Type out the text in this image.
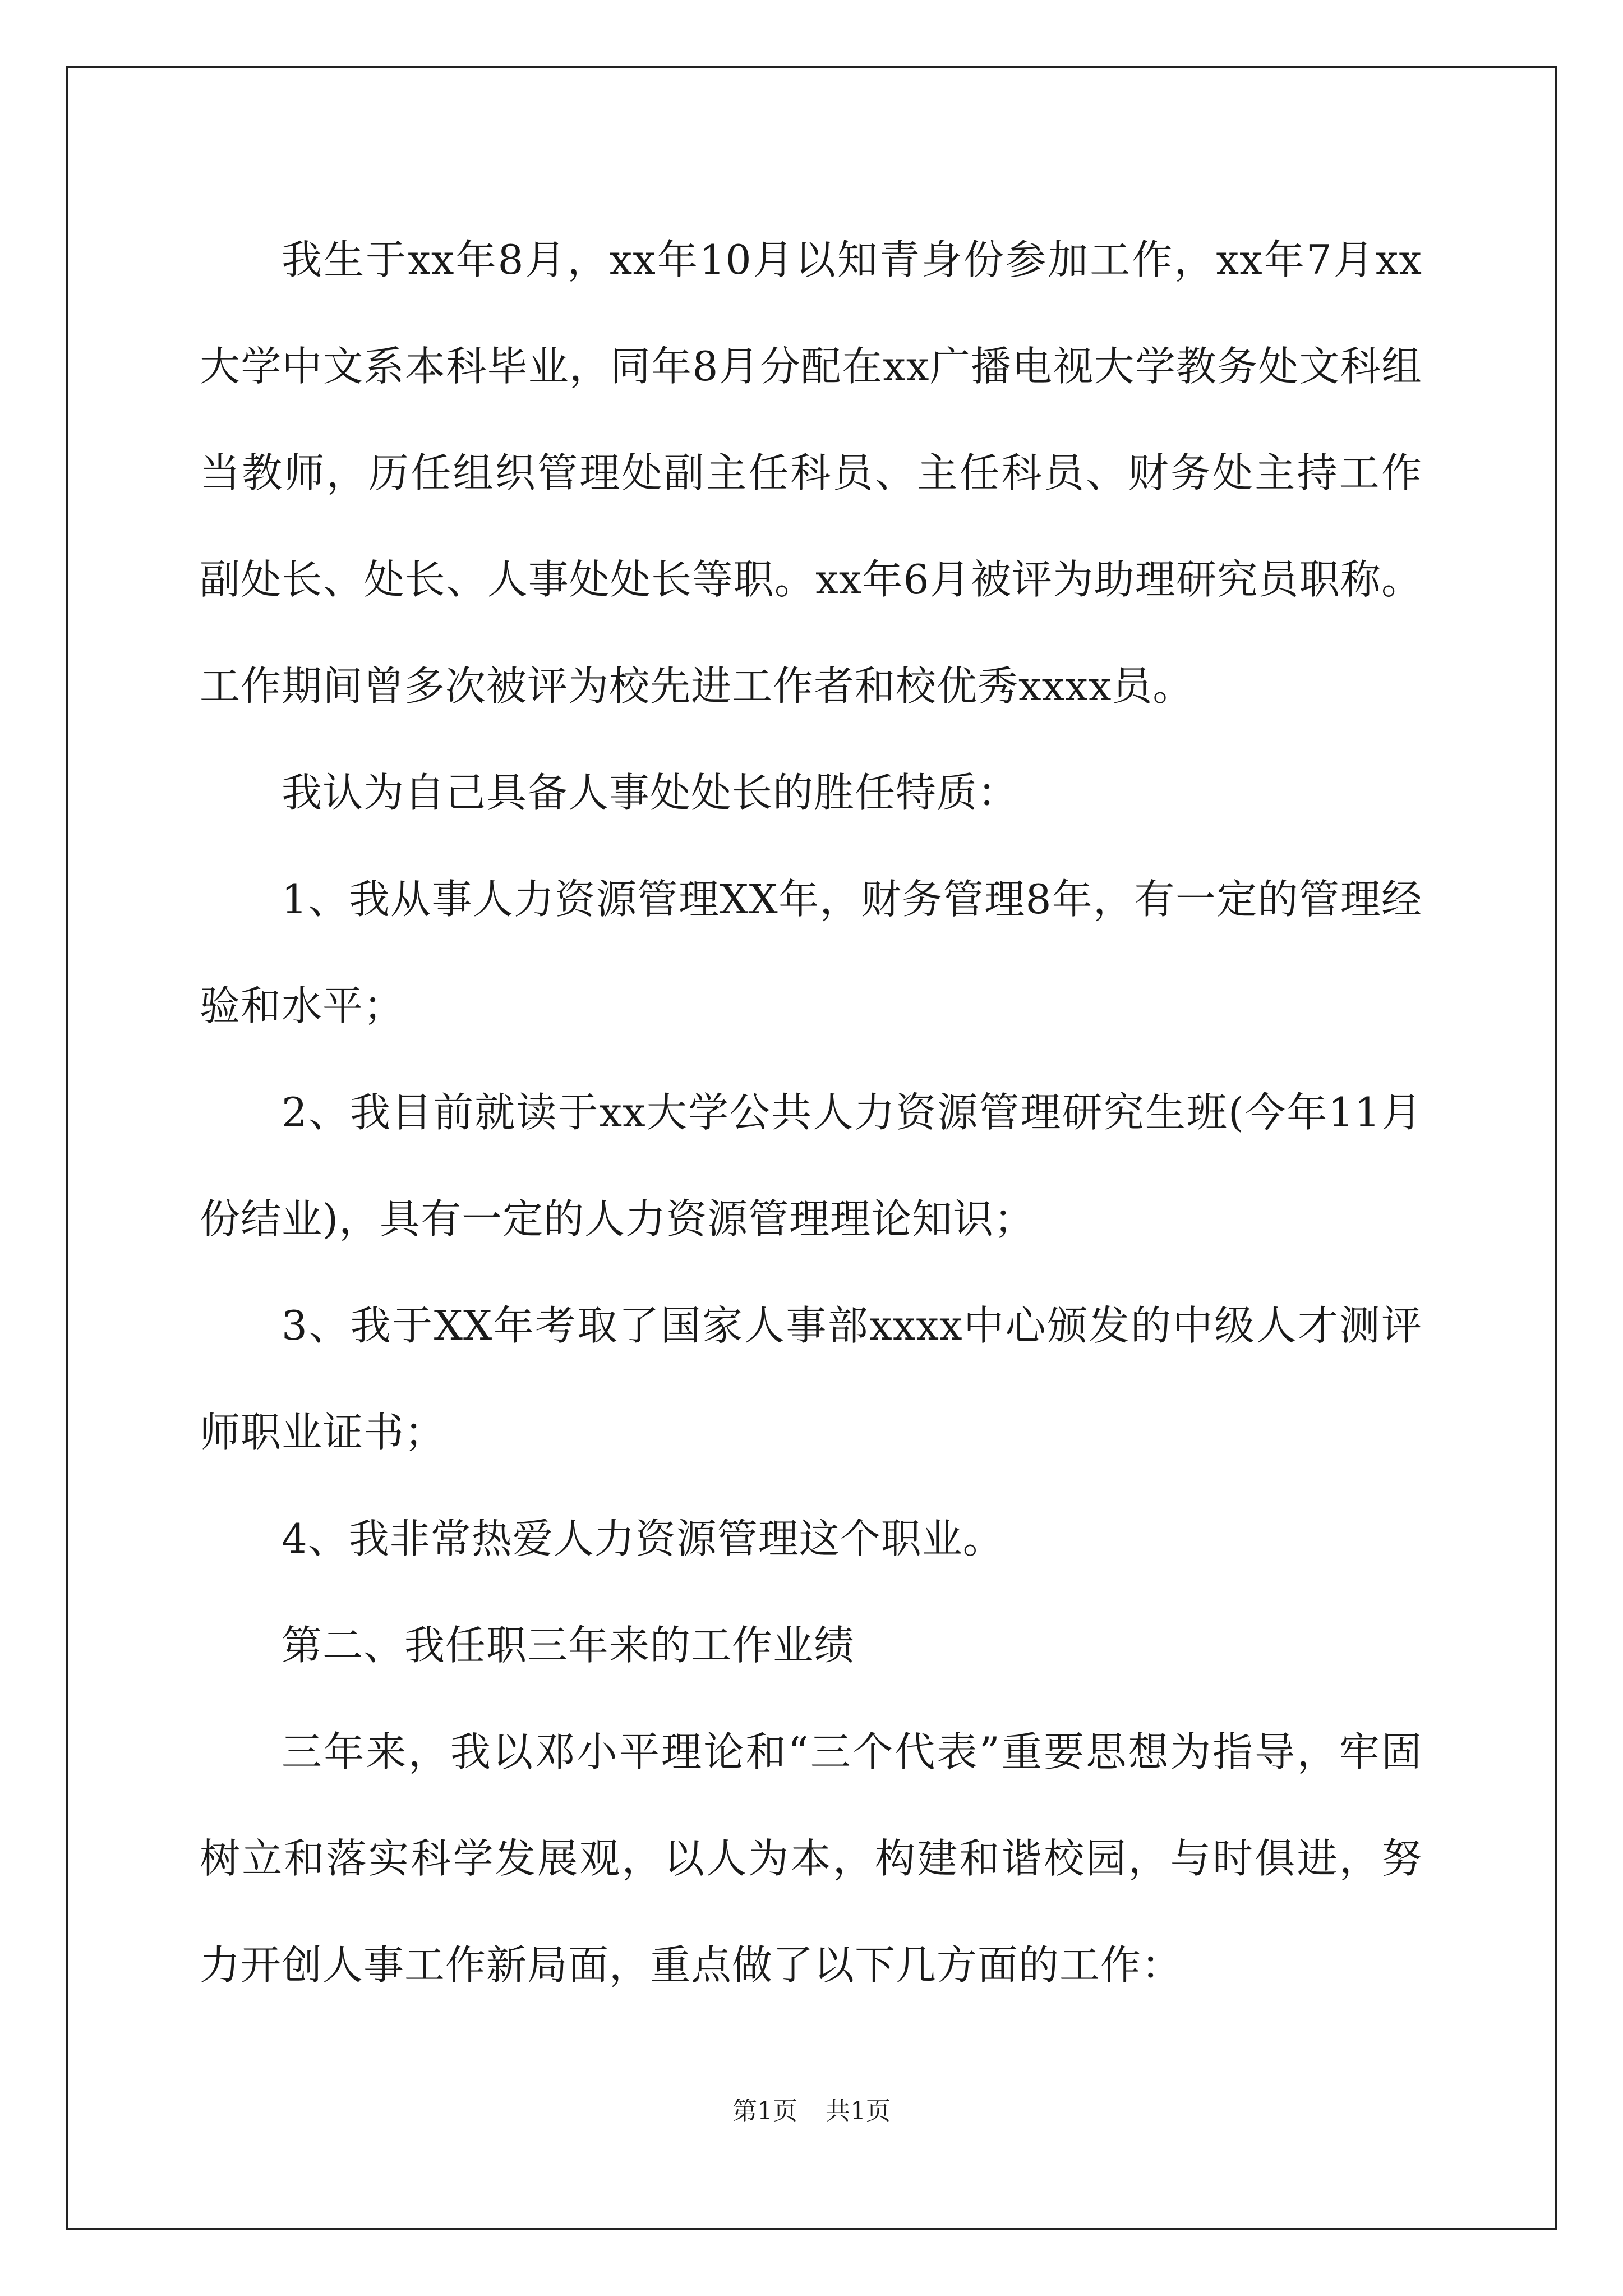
我生于xx年8月，xx年10月以知青身份参加工作，xx年7月xx大学中文系本科毕业，同年8月分配在xx广播电视大学教务处文科组当教师，历任组织管理处副主任科员、主任科员、财务处主持工作副处长、处长、人事处处长等职。xx年6月被评为助理研究员职称。工作期间曾多次被评为校先进工作者和校优秀xxxx员。

我认为自己具备人事处处长的胜任特质：

1、我从事人力资源管理XX年，财务管理8年，有一定的管理经验和水平；

2、我目前就读于xx大学公共人力资源管理研究生班(今年11月份结业)，具有一定的人力资源管理理论知识；

3、我于XX年考取了国家人事部xxxx中心颁发的中级人才测评师职业证书；

4、我非常热爱人力资源管理这个职业。

第二、我任职三年来的工作业绩

三年来，我以邓小平理论和“三个代表”重要思想为指导，牢固树立和落实科学发展观，以人为本，构建和谐校园，与时俱进，努力开创人事工作新局面，重点做了以下几方面的工作：

第1页 共1页
